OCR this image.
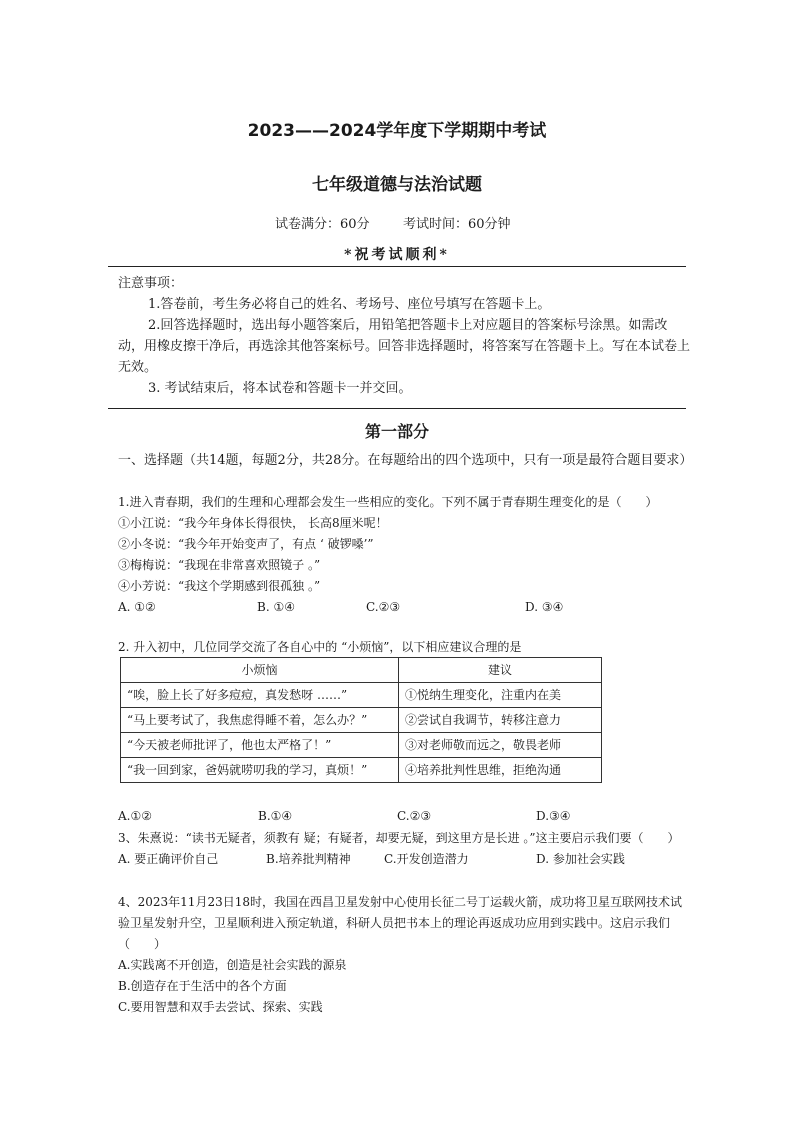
2023——2024学年度下学期期中考试
七年级道德与法治试题
试卷满分：60分	考试时间：60分钟
*祝考试顺利*

注意事项：

1.答卷前，考生务必将自己的姓名、考场号、座位号填写在答题卡上。

2.回答选择题时，选出每小题答案后，用铅笔把答题卡上对应题目的答案标号涂黑。如需改动，用橡皮擦干净后，再选涂其他答案标号。回答非选择题时，将答案写在答题卡上。写在本试卷上无效。

3. 考试结束后，将本试卷和答题卡一并交回。

第一部分

一、选择题（共14题，每题2分，共28分。在每题给出的四个选项中，只有一项是最符合题目要求）

1.进入青春期，我们的生理和心理都会发生一些相应的变化。下列不属于青春期生理变化的是（　　）

①小江说：“我今年身体长得很快， 长高8厘米呢！

②小冬说：“我今年开始变声了，有点 ‘ 破锣嗓’”

③梅梅说：“我现在非常喜欢照镜子 。”

④小芳说：“我这个学期感到很孤独 。”

A. ①②	B. ①④	C.②③	D. ③④

2. 升入初中，几位同学交流了各自心中的 “小烦恼”，以下相应建议合理的是

小烦恼	建议
“唉，脸上长了好多痘痘，真发愁呀 ……”	①悦纳生理变化，注重内在美
“马上要考试了，我焦虑得睡不着，怎么办？”	②尝试自我调节，转移注意力
“今天被老师批评了，他也太严格了！”	③对老师敬而远之，敬畏老师
“我一回到家，爸妈就唠叨我的学习，真烦！”	④培养批判性思维，拒绝沟通
A.①②	B.①④	C.②③	D.③④

3、朱熹说：“读书无疑者，须教有 疑；有疑者，却要无疑，到这里方是长进 。”这主要启示我们要（　　）

A. 要正确评价自己	B.培养批判精神	C.开发创造潜力	D. 参加社会实践

4、2023年11月23日18时，我国在西昌卫星发射中心使用长征二号丁运载火箭，成功将卫星互联网技术试验卫星发射升空，卫星顺利进入预定轨道，科研人员把书本上的理论再返成功应用到实践中。这启示我们（　　）

A.实践离不开创造，创造是社会实践的源泉

B.创造存在于生活中的各个方面

C.要用智慧和双手去尝试、探索、实践
